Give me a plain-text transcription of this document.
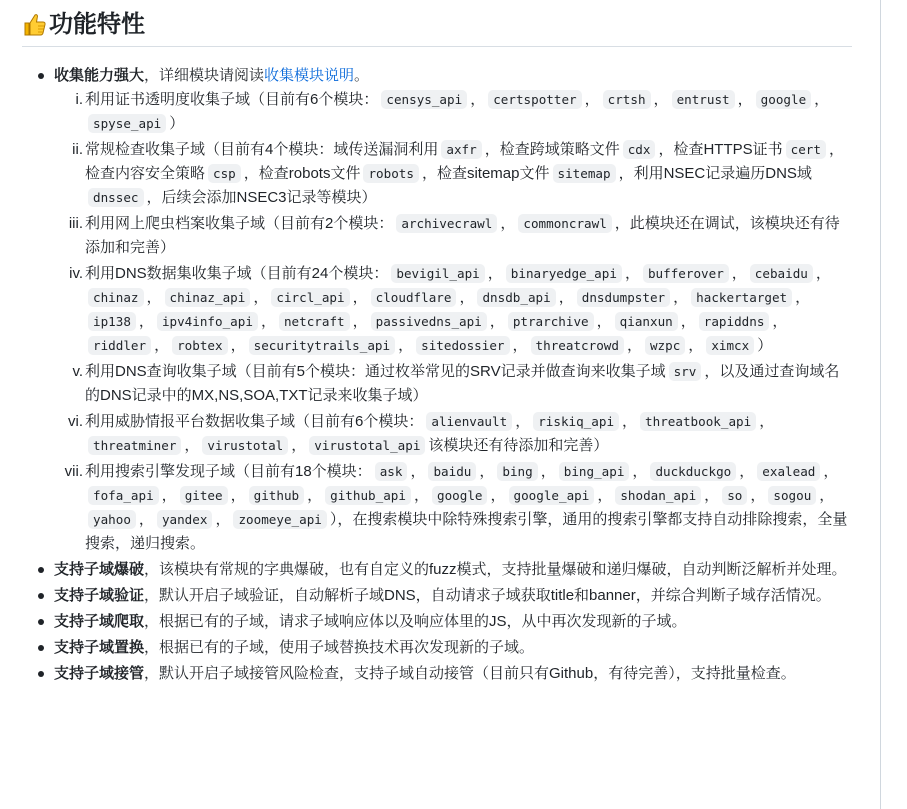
功能特性
收集能力强大，详细模块请阅读收集模块说明。
i. 利用证书透明度收集子域（目前有6个模块： censys_api ， certspotter ， crtsh ， entrust ， google ，spyse_api ）
ii. 常规检查收集子域（目前有4个模块：域传送漏洞利用 axfr ，检查跨域策略文件 cdx ，检查HTTPS证书 cert ，检查内容安全策略 csp ，检查robots文件 robots ，检查sitemap文件 sitemap ，利用NSEC记录遍历DNS域dnssec ，后续会添加NSEC3记录等模块）
iii. 利用网上爬虫档案收集子域（目前有2个模块： archivecrawl ， commoncrawl ，此模块还在调试，该模块还有待添加和完善）
iv. 利用DNS数据集收集子域（目前有24个模块： bevigil_api ， binaryedge_api ， bufferover ， cebaidu ，chinaz ， chinaz_api ， circl_api ， cloudflare ， dnsdb_api ， dnsdumpster ， hackertarget ，ip138 ， ipv4info_api ， netcraft ， passivedns_api ， ptrarchive ， qianxun ， rapiddns ，riddler ， robtex ， securitytrails_api ， sitedossier ， threatcrowd ， wzpc ， ximcx ）
v. 利用DNS查询收集子域（目前有5个模块：通过枚举常见的SRV记录并做查询来收集子域 srv ，以及通过查询域名的DNS记录中的MX,NS,SOA,TXT记录来收集子域）
vi. 利用威胁情报平台数据收集子域（目前有6个模块： alienvault ， riskiq_api ， threatbook_api ，threatminer ， virustotal ， virustotal_api 该模块还有待添加和完善）
vii. 利用搜索引擎发现子域（目前有18个模块： ask ， baidu ， bing ， bing_api ， duckduckgo ， exalead ，fofa_api ， gitee ， github ， github_api ， google ， google_api ， shodan_api ， so ， sogou ，yahoo ， yandex ， zoomeye_api ），在搜索模块中除特殊搜索引擎，通用的搜索引擎都支持自动排除搜索，全量搜索，递归搜索。
支持子域爆破，该模块有常规的字典爆破，也有自定义的fuzz模式，支持批量爆破和递归爆破，自动判断泛解析并处理。
支持子域验证，默认开启子域验证，自动解析子域DNS，自动请求子域获取title和banner，并综合判断子域存活情况。
支持子域爬取，根据已有的子域，请求子域响应体以及响应体里的JS，从中再次发现新的子域。
支持子域置换，根据已有的子域，使用子域替换技术再次发现新的子域。
支持子域接管，默认开启子域接管风险检查，支持子域自动接管（目前只有Github，有待完善），支持批量检查。
